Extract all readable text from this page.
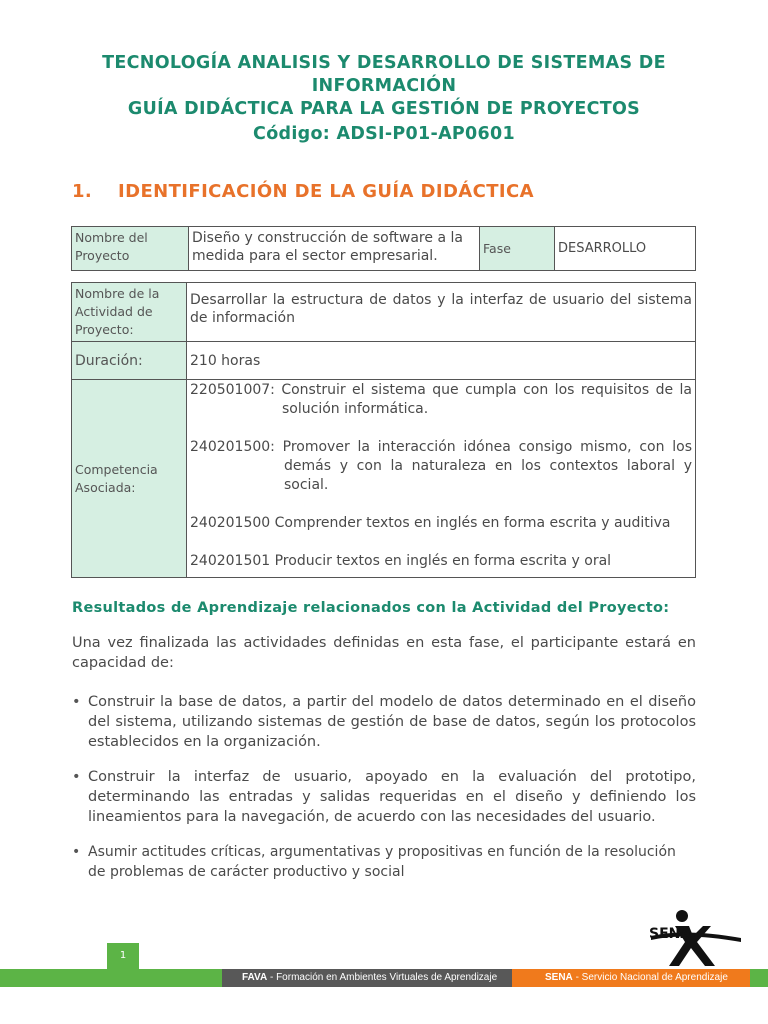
TECNOLOGÍA ANALISIS Y DESARROLLO DE SISTEMAS DE INFORMACIÓN
GUÍA DIDÁCTICA PARA LA GESTIÓN DE PROYECTOS
Código: ADSI-P01-AP0601
1. IDENTIFICACIÓN DE LA GUÍA DIDÁCTICA
Nombre del Proyecto	Diseño y construcción de software a la medida para el sector empresarial.	Fase	DESARROLLO
Nombre de la Actividad de Proyecto:	Desarrollar la estructura de datos y la interfaz de usuario del sistema de información
Duración:	210 horas
Competencia Asociada:	220501007: Construir el sistema que cumpla con los requisitos de la solución informática.
240201500: Promover la interacción idónea consigo mismo, con los demás y con la naturaleza en los contextos laboral y social.
240201500 Comprender textos en inglés en forma escrita y auditiva
240201501 Producir textos en inglés en forma escrita y oral
Resultados de Aprendizaje relacionados con la Actividad del Proyecto:
Una vez finalizada las actividades definidas en esta fase, el participante estará en capacidad de:
• Construir la base de datos, a partir del modelo de datos determinado en el diseño del sistema, utilizando sistemas de gestión de base de datos, según los protocolos establecidos en la organización.
• Construir la interfaz de usuario, apoyado en la evaluación del prototipo, determinando las entradas y salidas requeridas en el diseño y definiendo los lineamientos para la navegación, de acuerdo con las necesidades del usuario.
• Asumir actitudes críticas, argumentativas y propositivas en función de la resolución de problemas de carácter productivo y social
1
SENA
FAVA - Formación en Ambientes Virtuales de Aprendizaje	SENA - Servicio Nacional de Aprendizaje
